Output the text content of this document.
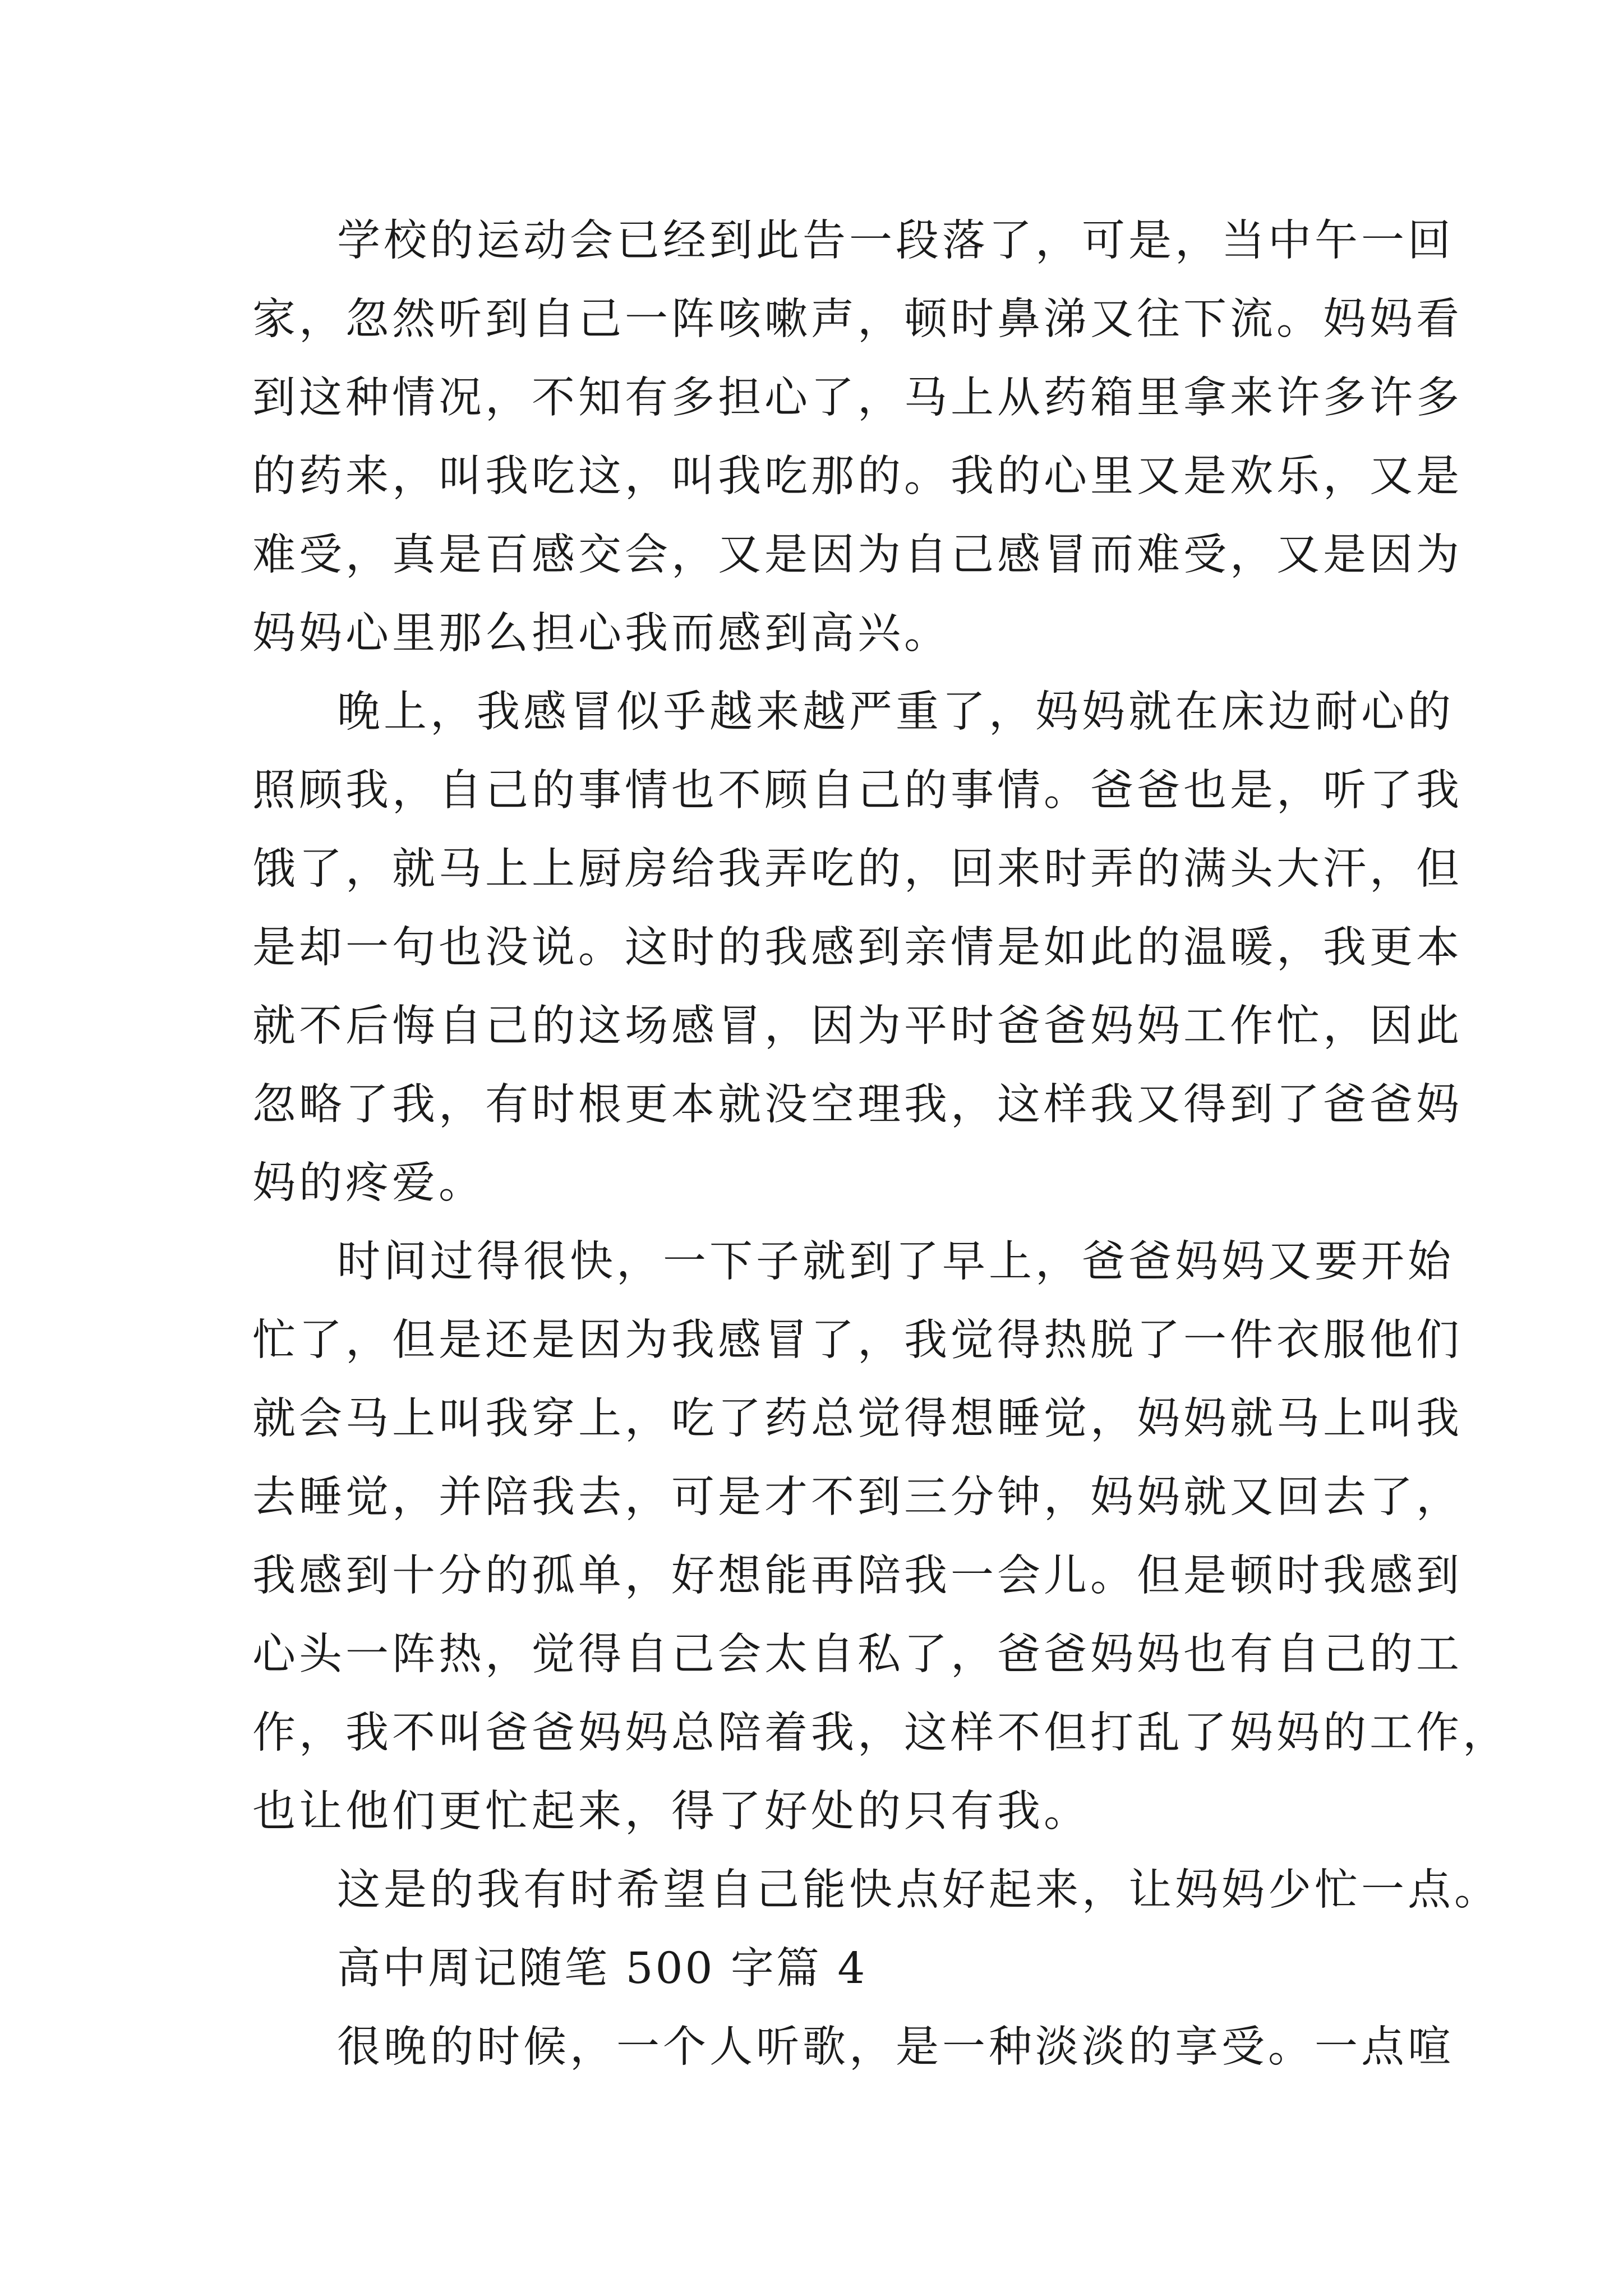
学校的运动会已经到此告一段落了，可是，当中午一回
家，忽然听到自己一阵咳嗽声，顿时鼻涕又往下流。妈妈看
到这种情况，不知有多担心了，马上从药箱里拿来许多许多
的药来，叫我吃这，叫我吃那的。我的心里又是欢乐，又是
难受，真是百感交会，又是因为自己感冒而难受，又是因为
妈妈心里那么担心我而感到高兴。
晚上，我感冒似乎越来越严重了，妈妈就在床边耐心的
照顾我，自己的事情也不顾自己的事情。爸爸也是，听了我
饿了，就马上上厨房给我弄吃的，回来时弄的满头大汗，但
是却一句也没说。这时的我感到亲情是如此的温暖，我更本
就不后悔自己的这场感冒，因为平时爸爸妈妈工作忙，因此
忽略了我，有时根更本就没空理我，这样我又得到了爸爸妈
妈的疼爱。
时间过得很快，一下子就到了早上，爸爸妈妈又要开始
忙了，但是还是因为我感冒了，我觉得热脱了一件衣服他们
就会马上叫我穿上，吃了药总觉得想睡觉，妈妈就马上叫我
去睡觉，并陪我去，可是才不到三分钟，妈妈就又回去了，
我感到十分的孤单，好想能再陪我一会儿。但是顿时我感到
心头一阵热，觉得自己会太自私了，爸爸妈妈也有自己的工
作，我不叫爸爸妈妈总陪着我，这样不但打乱了妈妈的工作，
也让他们更忙起来，得了好处的只有我。
这是的我有时希望自己能快点好起来，让妈妈少忙一点。
高中周记随笔 500 字篇 4
很晚的时候，一个人听歌，是一种淡淡的享受。一点喧
